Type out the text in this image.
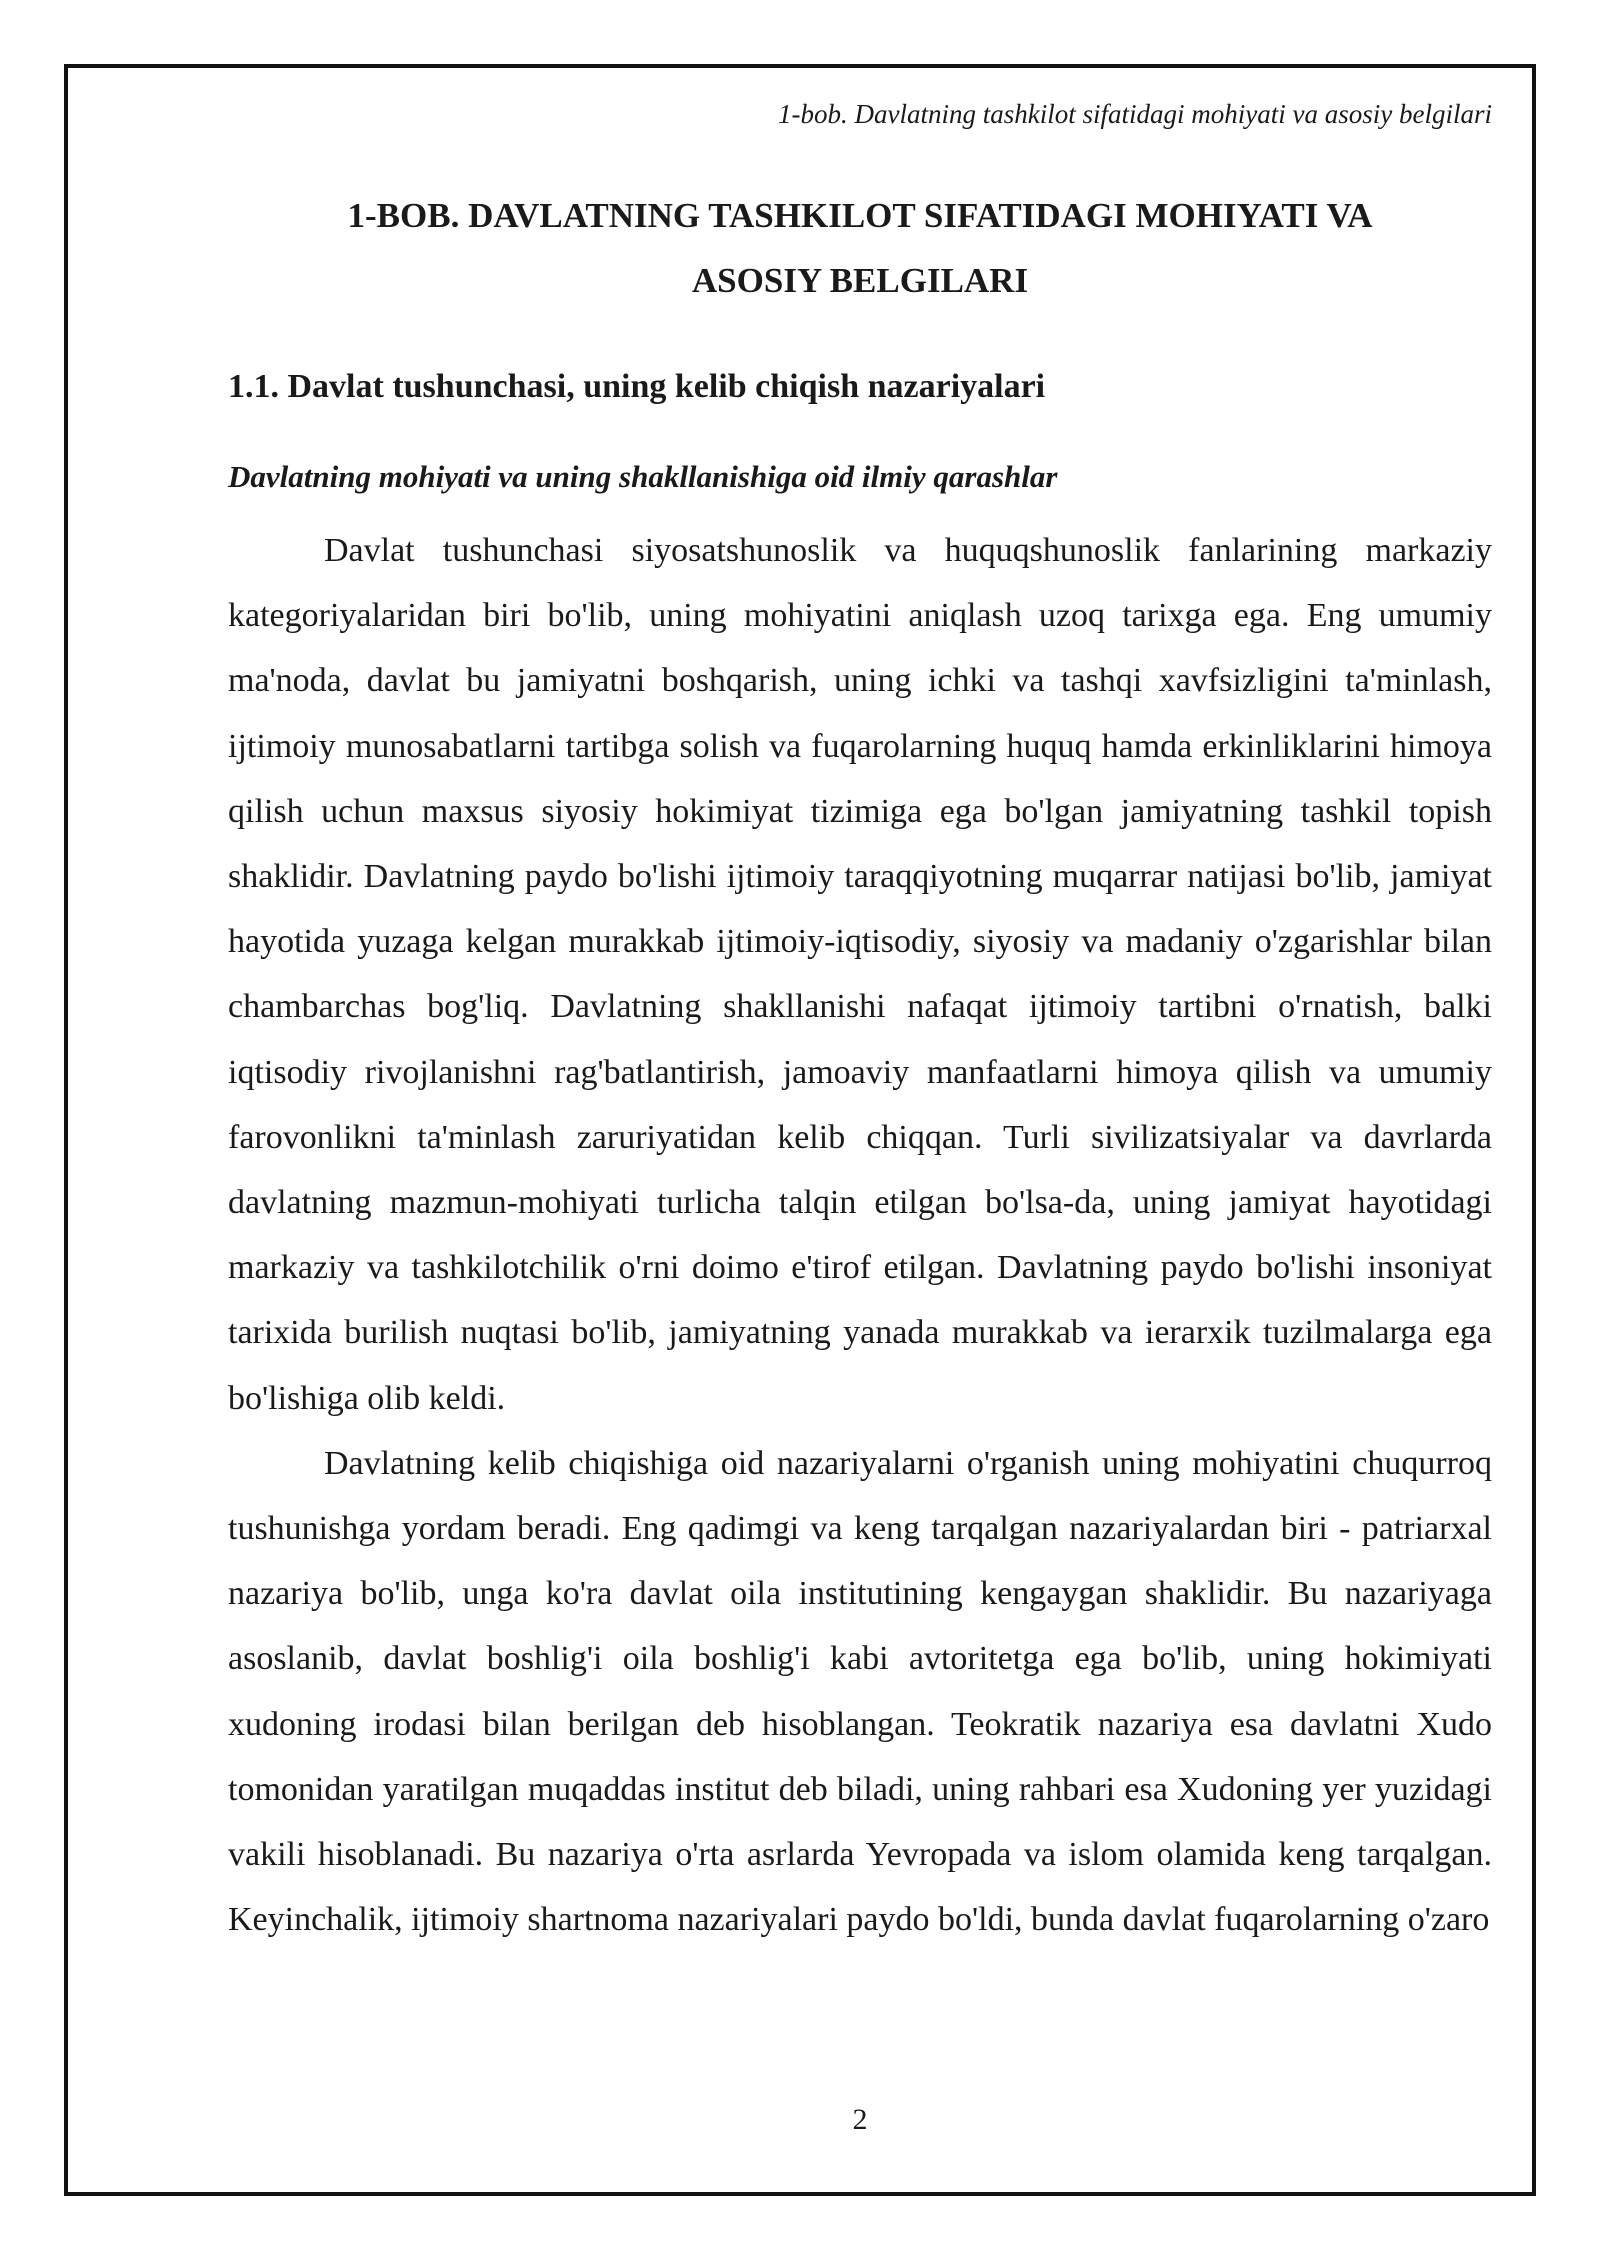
1-bob. Davlatning tashkilot sifatidagi mohiyati va asosiy belgilari
1-BOB. DAVLATNING TASHKILOT SIFATIDAGI MOHIYATI VA
ASOSIY BELGILARI
1.1. Davlat tushunchasi, uning kelib chiqish nazariyalari
Davlatning mohiyati va uning shakllanishiga oid ilmiy qarashlar

Davlat tushunchasi siyosatshunoslik va huquqshunoslik fanlarining markaziy kategoriyalaridan biri bo'lib, uning mohiyatini aniqlash uzoq tarixga ega. Eng umumiy ma'noda, davlat bu jamiyatni boshqarish, uning ichki va tashqi xavfsizligini ta'minlash, ijtimoiy munosabatlarni tartibga solish va fuqarolarning huquq hamda erkinliklarini himoya qilish uchun maxsus siyosiy hokimiyat tizimiga ega bo'lgan jamiyatning tashkil topish shaklidir. Davlatning paydo bo'lishi ijtimoiy taraqqiyotning muqarrar natijasi bo'lib, jamiyat hayotida yuzaga kelgan murakkab ijtimoiy-iqtisodiy, siyosiy va madaniy o'zgarishlar bilan chambarchas bog'liq. Davlatning shakllanishi nafaqat ijtimoiy tartibni o'rnatish, balki iqtisodiy rivojlanishni rag'batlantirish, jamoaviy manfaatlarni himoya qilish va umumiy farovonlikni ta'minlash zaruriyatidan kelib chiqqan. Turli sivilizatsiyalar va davrlarda davlatning mazmun-mohiyati turlicha talqin etilgan bo'lsa-da, uning jamiyat hayotidagi markaziy va tashkilotchilik o'rni doimo e'tirof etilgan. Davlatning paydo bo'lishi insoniyat tarixida burilish nuqtasi bo'lib, jamiyatning yanada murakkab va ierarxik tuzilmalarga ega bo'lishiga olib keldi.

Davlatning kelib chiqishiga oid nazariyalarni o'rganish uning mohiyatini chuqurroq tushunishga yordam beradi. Eng qadimgi va keng tarqalgan nazariyalardan biri - patriarxal nazariya bo'lib, unga ko'ra davlat oila institutining kengaygan shaklidir. Bu nazariyaga asoslanib, davlat boshlig'i oila boshlig'i kabi avtoritetga ega bo'lib, uning hokimiyati xudoning irodasi bilan berilgan deb hisoblangan. Teokratik nazariya esa davlatni Xudo tomonidan yaratilgan muqaddas institut deb biladi, uning rahbari esa Xudoning yer yuzidagi vakili hisoblanadi. Bu nazariya o'rta asrlarda Yevropada va islom olamida keng tarqalgan. Keyinchalik, ijtimoiy shartnoma nazariyalari paydo bo'ldi, bunda davlat fuqarolarning o'zaro

2
